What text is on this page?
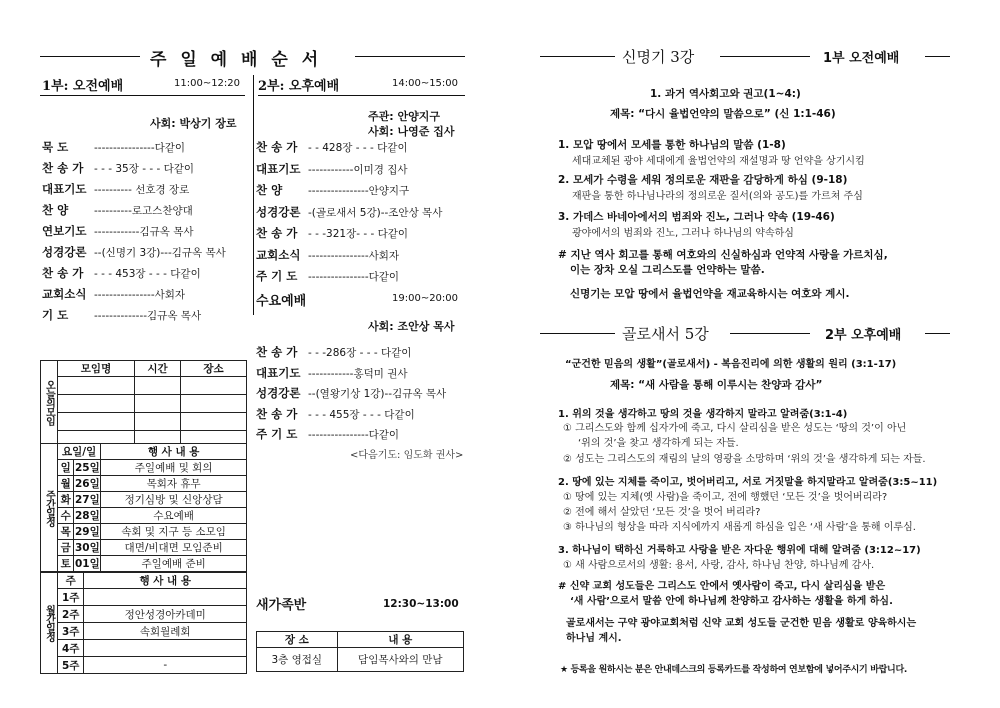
주 일 예 배 순 서
1부: 오전예배	11:00~12:20
사회: 박상기 장로
묵 도 ----------------다같이
찬 송 가 - - - 35장 - - - 다같이
대표기도 ---------- 선호경 장로
찬 양 ----------로고스찬양대
연보기도 ------------김규옥 목사
성경강론 --(신명기 3강)---김규옥 목사
찬 송 가 - - - 453장 - - - 다같이
교회소식 ----------------사회자
기 도 --------------김규옥 목사
2부: 오후예배	14:00~15:00
주관: 안양지구
사회: 나영준 집사
찬 송 가 - - 428장 - - - 다같이
대표기도 ------------이미경 집사
찬 양 ----------------안양지구
성경강론 -(골로새서 5강)--조안상 목사
찬 송 가 - - -321장- - - 다같이
교회소식 ----------------사회자
주 기 도 ----------------다같이
수요예배	19:00~20:00
사회: 조안상 목사
찬 송 가 - - -286장 - - - 다같이
대표기도 ------------홍덕미 권사
성경강론 --(열왕기상 1강)--김규옥 목사
찬 송 가 - - - 455장 - - - 다같이
주 기 도 ----------------다같이
<다음기도: 임도화 권사>
오늘의모임	모임명	시간	장소

주간일정	요일/일		행 사 내 용
	일	25일	주일예배 및 회의
	월	26일	목회자 휴무
	화	27일	정기심방 및 신앙상담
	수	28일	수요예배
	목	29일	속회 및 지구 등 소모임
	금	30일	대면/비대면 모임준비
	토	01일	주일예배 준비
월간일정	주	행 사 내 용
	1주	
	2주	정안성경아카데미
	3주	속회월례회
	4주	
	5주	-
새가족반	12:30~13:00
장 소	내 용
3층 영접실	담임목사와의 만남
신명기 3강	1부 오전예배
1. 과거 역사회고와 권고(1~4:)
제목: “다시 율법언약의 말씀으로” (신 1:1-46)
1. 모압 땅에서 모세를 통한 하나님의 말씀 (1-8)
세대교체된 광야 세대에게 율법언약의 재설명과 땅 언약을 상기시킴
2. 모세가 수령을 세워 정의로운 재판을 감당하게 하심 (9-18)
재판을 통한 하나님나라의 정의로운 질서(의와 공도)를 가르쳐 주심
3. 가데스 바네아에서의 범죄와 진노, 그러나 약속 (19-46)
광야에서의 범죄와 진노, 그러나 하나님의 약속하심
# 지난 역사 회고를 통해 여호와의 신실하심과 언약적 사랑을 가르치심,
이는 장차 오실 그리스도를 언약하는 말씀.
신명기는 모압 땅에서 율법언약을 재교육하시는 여호와 계시.
골로새서 5강	2부 오후예배
“군건한 믿음의 생활”(골로새서) - 복음진리에 의한 생활의 원리 (3:1-17)
제목: “새 사람을 통해 이루시는 찬양과 감사”
1. 위의 것을 생각하고 땅의 것을 생각하지 말라고 알려줌(3:1-4)
① 그리스도와 함께 십자가에 죽고, 다시 살리심을 받은 성도는 ‘땅의 것’이 아닌
‘위의 것’을 찾고 생각하게 되는 자들.
② 성도는 그리스도의 재림의 날의 영광을 소망하며 ‘위의 것’을 생각하게 되는 자들.
2. 땅에 있는 지체를 죽이고, 벗어버리고, 서로 거짓말을 하지말라고 알려줌(3:5~11)
① 땅에 있는 지체(옛 사람)을 죽이고, 전에 행했던 ‘모든 것’을 벗어버리라?
② 전에 해서 살았던 ‘모든 것’을 벗어 버리라?
③ 하나님의 형상을 따라 지식에까지 새롭게 하심을 입은 ‘새 사람’을 통해 이루심.
3. 하나님이 택하신 거룩하고 사랑을 받은 자다운 행위에 대해 알려줌 (3:12~17)
① 새 사람으로서의 생활: 용서, 사랑, 감사, 하나님 찬양, 하나님께 감사.
# 신약 교회 성도들은 그리스도 안에서 옛사람이 죽고, 다시 살리심을 받은
‘새 사람’으로서 말씀 안에 하나님께 찬양하고 감사하는 생활을 하게 하심.
골로새서는 구약 광야교회처럼 신약 교회 성도들 군건한 믿음 생활로 양육하시는
하나님 계시.
★ 등록을 원하시는 분은 안내데스크의 등록카드를 작성하여 연보함에 넣어주시기 바랍니다.
